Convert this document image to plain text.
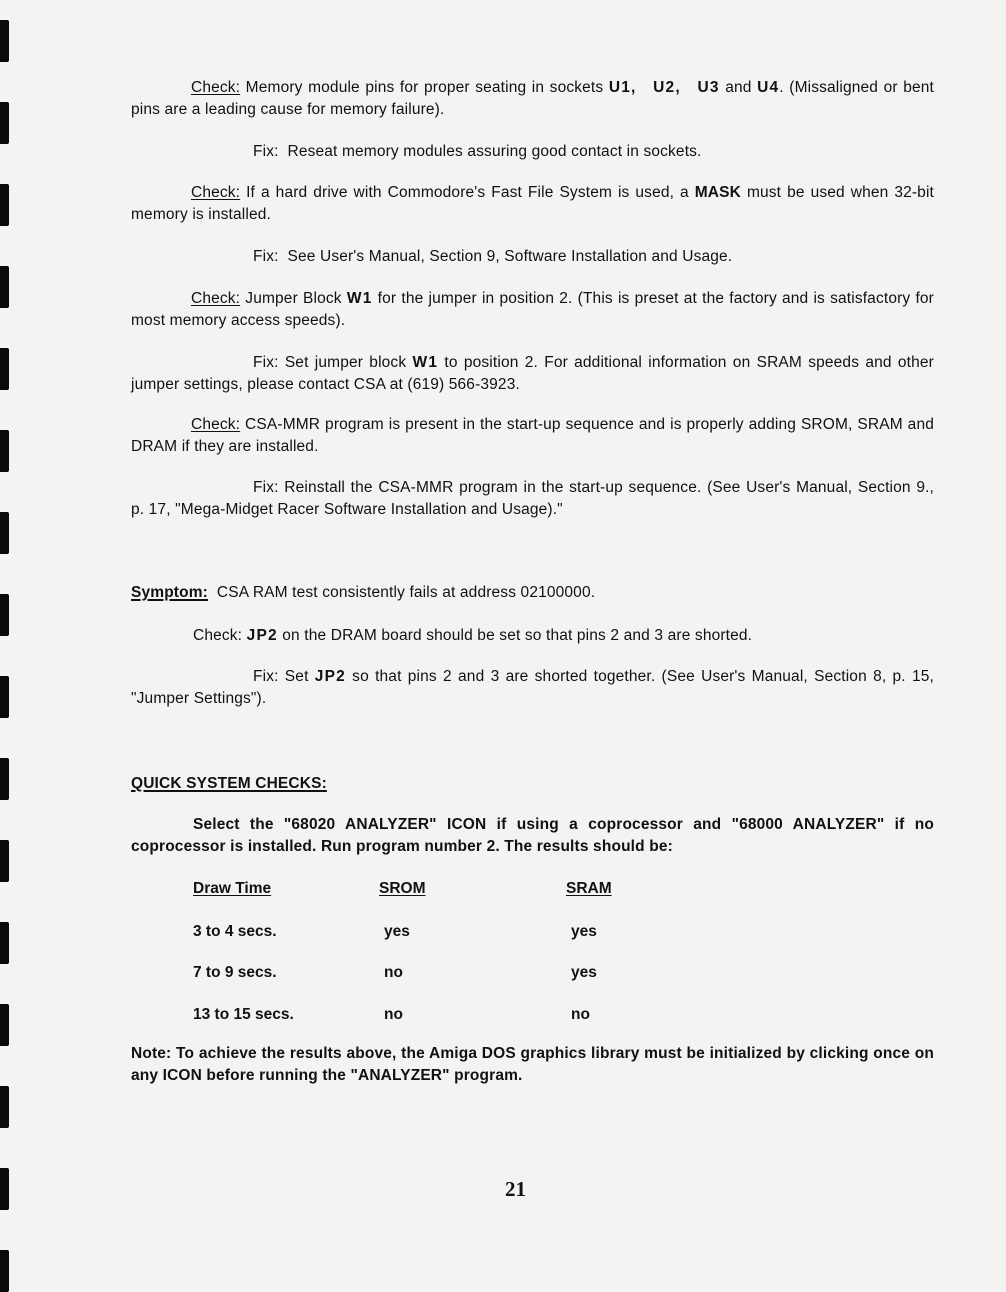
Check: Memory module pins for proper seating in sockets U1, U2, U3 and U4. (Missaligned or bent pins are a leading cause for memory failure).
Fix:  Reseat memory modules assuring good contact in sockets.
Check: If a hard drive with Commodore's Fast File System is used, a MASK must be used when 32-bit memory is installed.
Fix:  See User's Manual, Section 9, Software Installation and Usage.
Check: Jumper Block W1 for the jumper in position 2. (This is preset at the factory and is satisfactory for most memory access speeds).
Fix: Set jumper block W1 to position 2. For additional information on SRAM speeds and other jumper settings, please contact CSA at (619) 566-3923.
Check: CSA-MMR program is present in the start-up sequence and is properly adding SROM, SRAM and DRAM if they are installed.
Fix: Reinstall the CSA-MMR program in the start-up sequence. (See User's Manual, Section 9., p. 17, "Mega-Midget Racer Software Installation and Usage)."
Symptom:  CSA RAM test consistently fails at address 02100000.
Check: JP2 on the DRAM board should be set so that pins 2 and 3 are shorted.
Fix: Set JP2 so that pins 2 and 3 are shorted together. (See User's Manual, Section 8, p. 15, "Jumper Settings").
QUICK SYSTEM CHECKS:
Select the "68020 ANALYZER" ICON if using a coprocessor and "68000 ANALYZER" if no coprocessor is installed. Run program number 2. The results should be:
Draw Time	SROM	SRAM
3 to 4 secs.	yes	yes
7 to 9 secs.	no	yes
13 to 15 secs.	no	no
Note: To achieve the results above, the Amiga DOS graphics library must be initialized by clicking once on any ICON before running the "ANALYZER" program.
21
